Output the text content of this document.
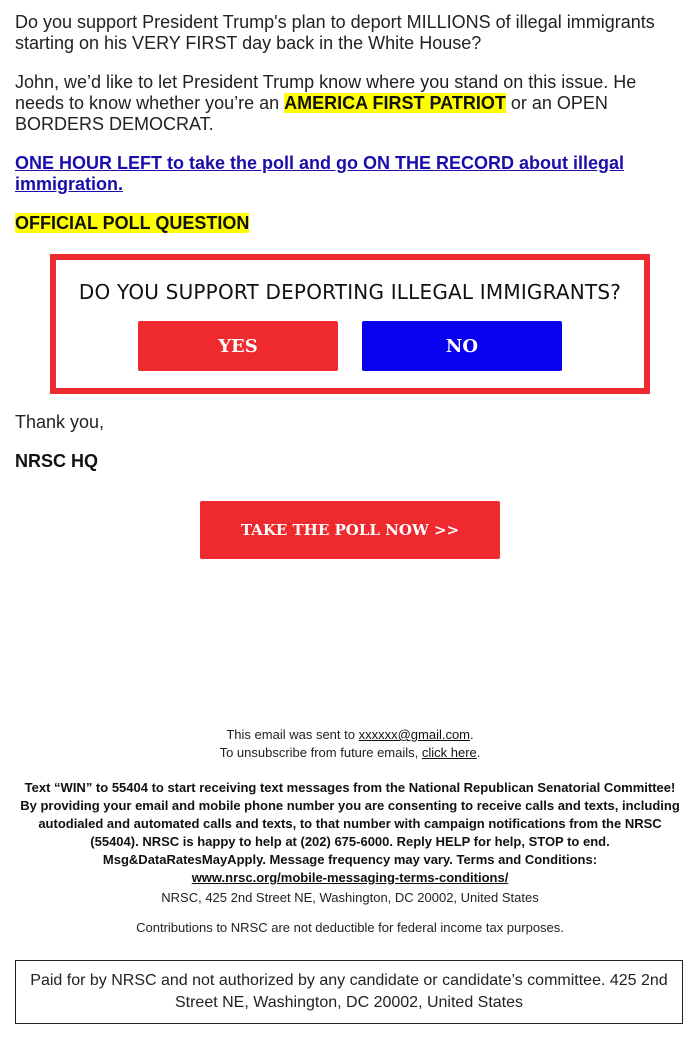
Do you support President Trump's plan to deport MILLIONS of illegal immigrants starting on his VERY FIRST day back in the White House?

John, we’d like to let President Trump know where you stand on this issue. He needs to know whether you’re an AMERICA FIRST PATRIOT or an OPEN BORDERS DEMOCRAT.

ONE HOUR LEFT to take the poll and go ON THE RECORD about illegal immigration.

OFFICIAL POLL QUESTION

DO YOU SUPPORT DEPORTING ILLEGAL IMMIGRANTS?
YES	NO
Thank you,
NRSC HQ
TAKE THE POLL NOW >>
This email was sent to xxxxxx@gmail.com.
To unsubscribe from future emails, click here.
Text “WIN” to 55404 to start receiving text messages from the National Republican Senatorial Committee! By providing your email and mobile phone number you are consenting to receive calls and texts, including autodialed and automated calls and texts, to that number with campaign notifications from the NRSC (55404). NRSC is happy to help at (202) 675-6000. Reply HELP for help, STOP to end. Msg&DataRatesMayApply. Message frequency may vary. Terms and Conditions:
www.nrsc.org/mobile-messaging-terms-conditions/
NRSC, 425 2nd Street NE, Washington, DC 20002, United States
Contributions to NRSC are not deductible for federal income tax purposes.
Paid for by NRSC and not authorized by any candidate or candidate’s committee. 425 2nd Street NE, Washington, DC 20002, United States
